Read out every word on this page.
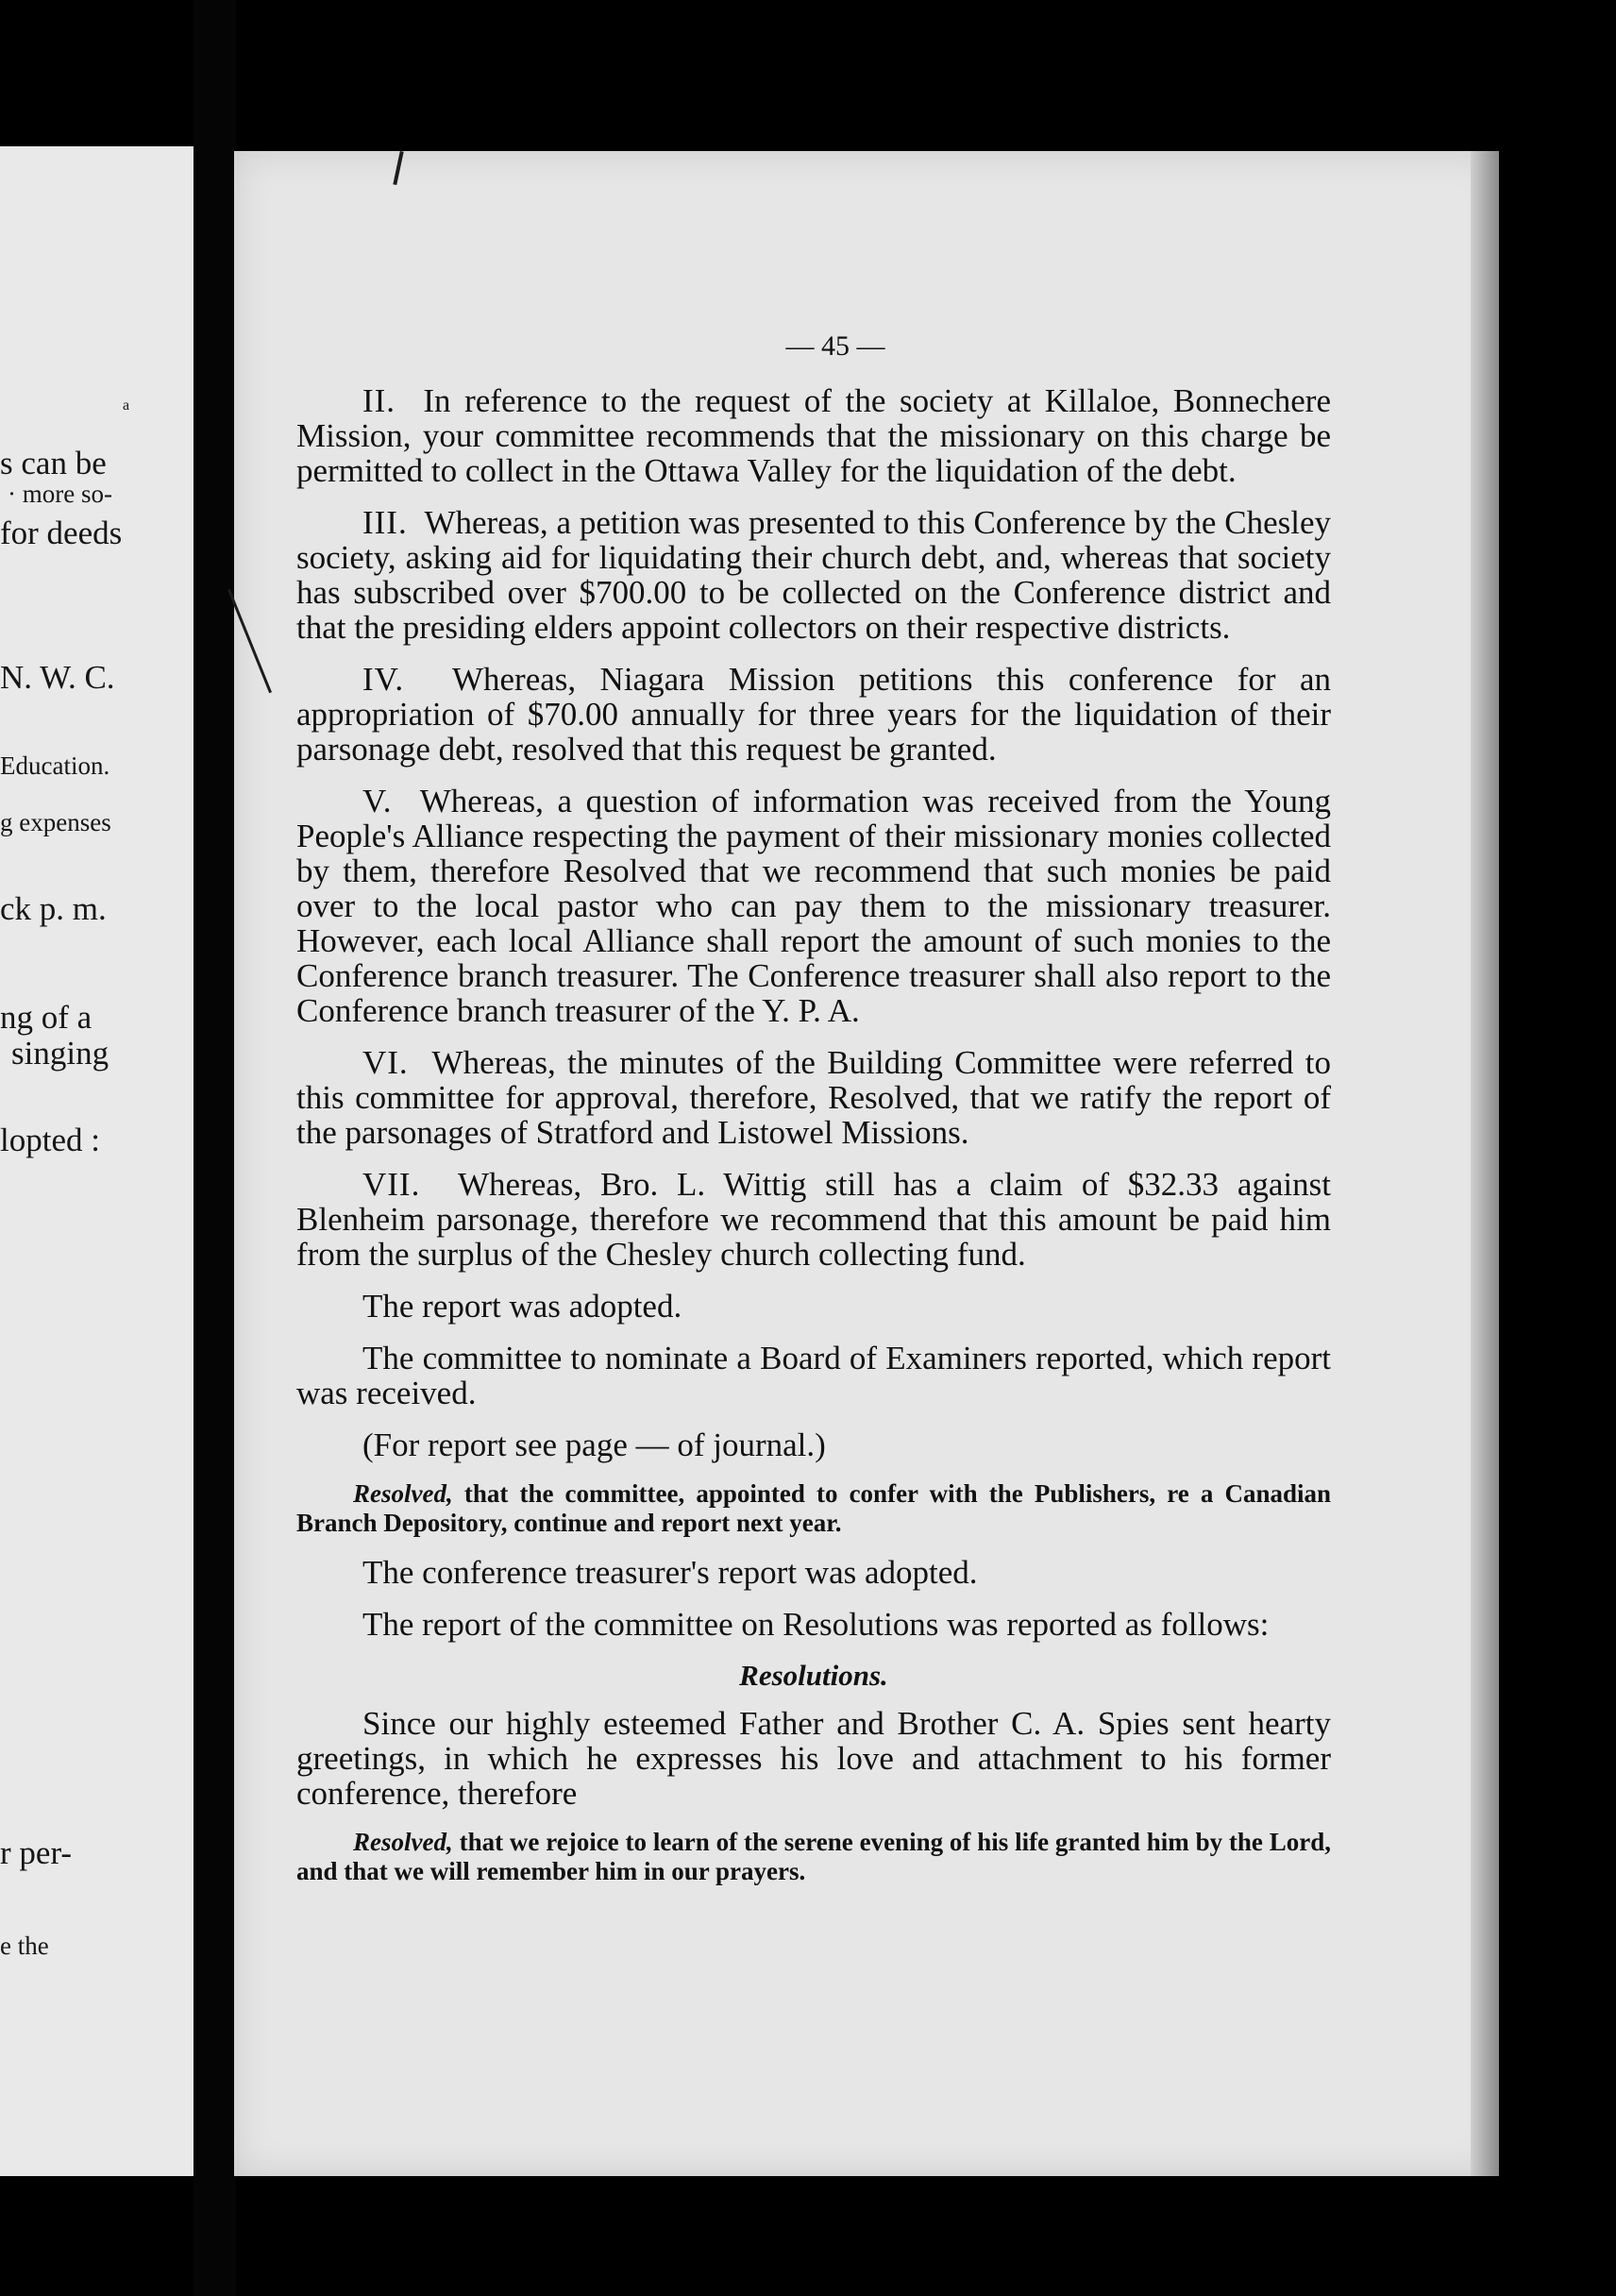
a
s can be
· more so-
for deeds
N. W. C.
Education.
g expenses
ck p. m.
ng of a
singing
lopted :
r per-
e the
— 45 —

II. In reference to the request of the society at Killaloe, Bonnechere Mission, your committee recommends that the missionary on this charge be permitted to collect in the Ottawa Valley for the liquidation of the debt.

III. Whereas, a petition was presented to this Conference by the Chesley society, asking aid for liquidating their church debt, and, whereas that society has subscribed over $700.00 to be collected on the Conference district and that the presiding elders appoint collectors on their respective districts.

IV. Whereas, Niagara Mission petitions this conference for an appropriation of $70.00 annually for three years for the liquidation of their parsonage debt, resolved that this request be granted.

V. Whereas, a question of information was received from the Young People's Alliance respecting the payment of their missionary monies collected by them, therefore Resolved that we recommend that such monies be paid over to the local pastor who can pay them to the missionary treasurer. However, each local Alliance shall report the amount of such monies to the Conference branch treasurer. The Conference treasurer shall also report to the Conference branch treasurer of the Y. P. A.

VI. Whereas, the minutes of the Building Committee were referred to this committee for approval, therefore, Resolved, that we ratify the report of the parsonages of Stratford and Listowel Missions.

VII. Whereas, Bro. L. Wittig still has a claim of $32.33 against Blenheim parsonage, therefore we recommend that this amount be paid him from the surplus of the Chesley church collecting fund.

The report was adopted.

The committee to nominate a Board of Examiners reported, which report was received.

(For report see page — of journal.)

Resolved, that the committee, appointed to confer with the Publishers, re a Canadian Branch Depository, continue and report next year.

The conference treasurer's report was adopted.

The report of the committee on Resolutions was reported as follows:

Resolutions.

Since our highly esteemed Father and Brother C. A. Spies sent hearty greetings, in which he expresses his love and attachment to his former conference, therefore

Resolved, that we rejoice to learn of the serene evening of his life granted him by the Lord, and that we will remember him in our prayers.
